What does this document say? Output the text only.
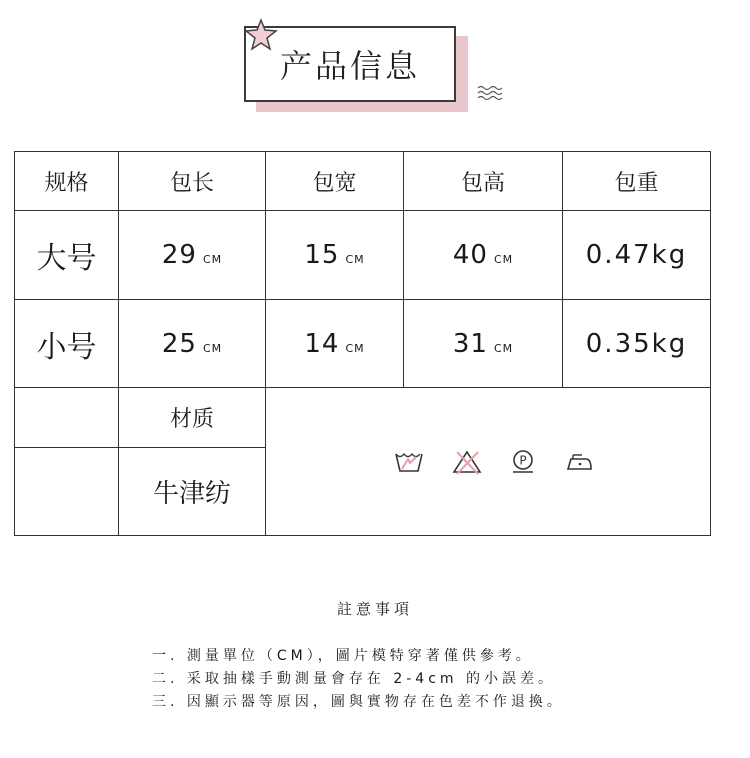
产品信息
规格	包长	包宽	包高	包重
大号	29 CM	15 CM	40 CM	0.47kg
小号	25 CM	14 CM	31 CM	0.35kg
	材质	P		

	牛津纺			
註意事項
一. 測量單位（CM），圖片模特穿著僅供參考。
二. 采取抽樣手動測量會存在 2-4cm 的小誤差。
三. 因顯示器等原因，圖與實物存在色差不作退換。
